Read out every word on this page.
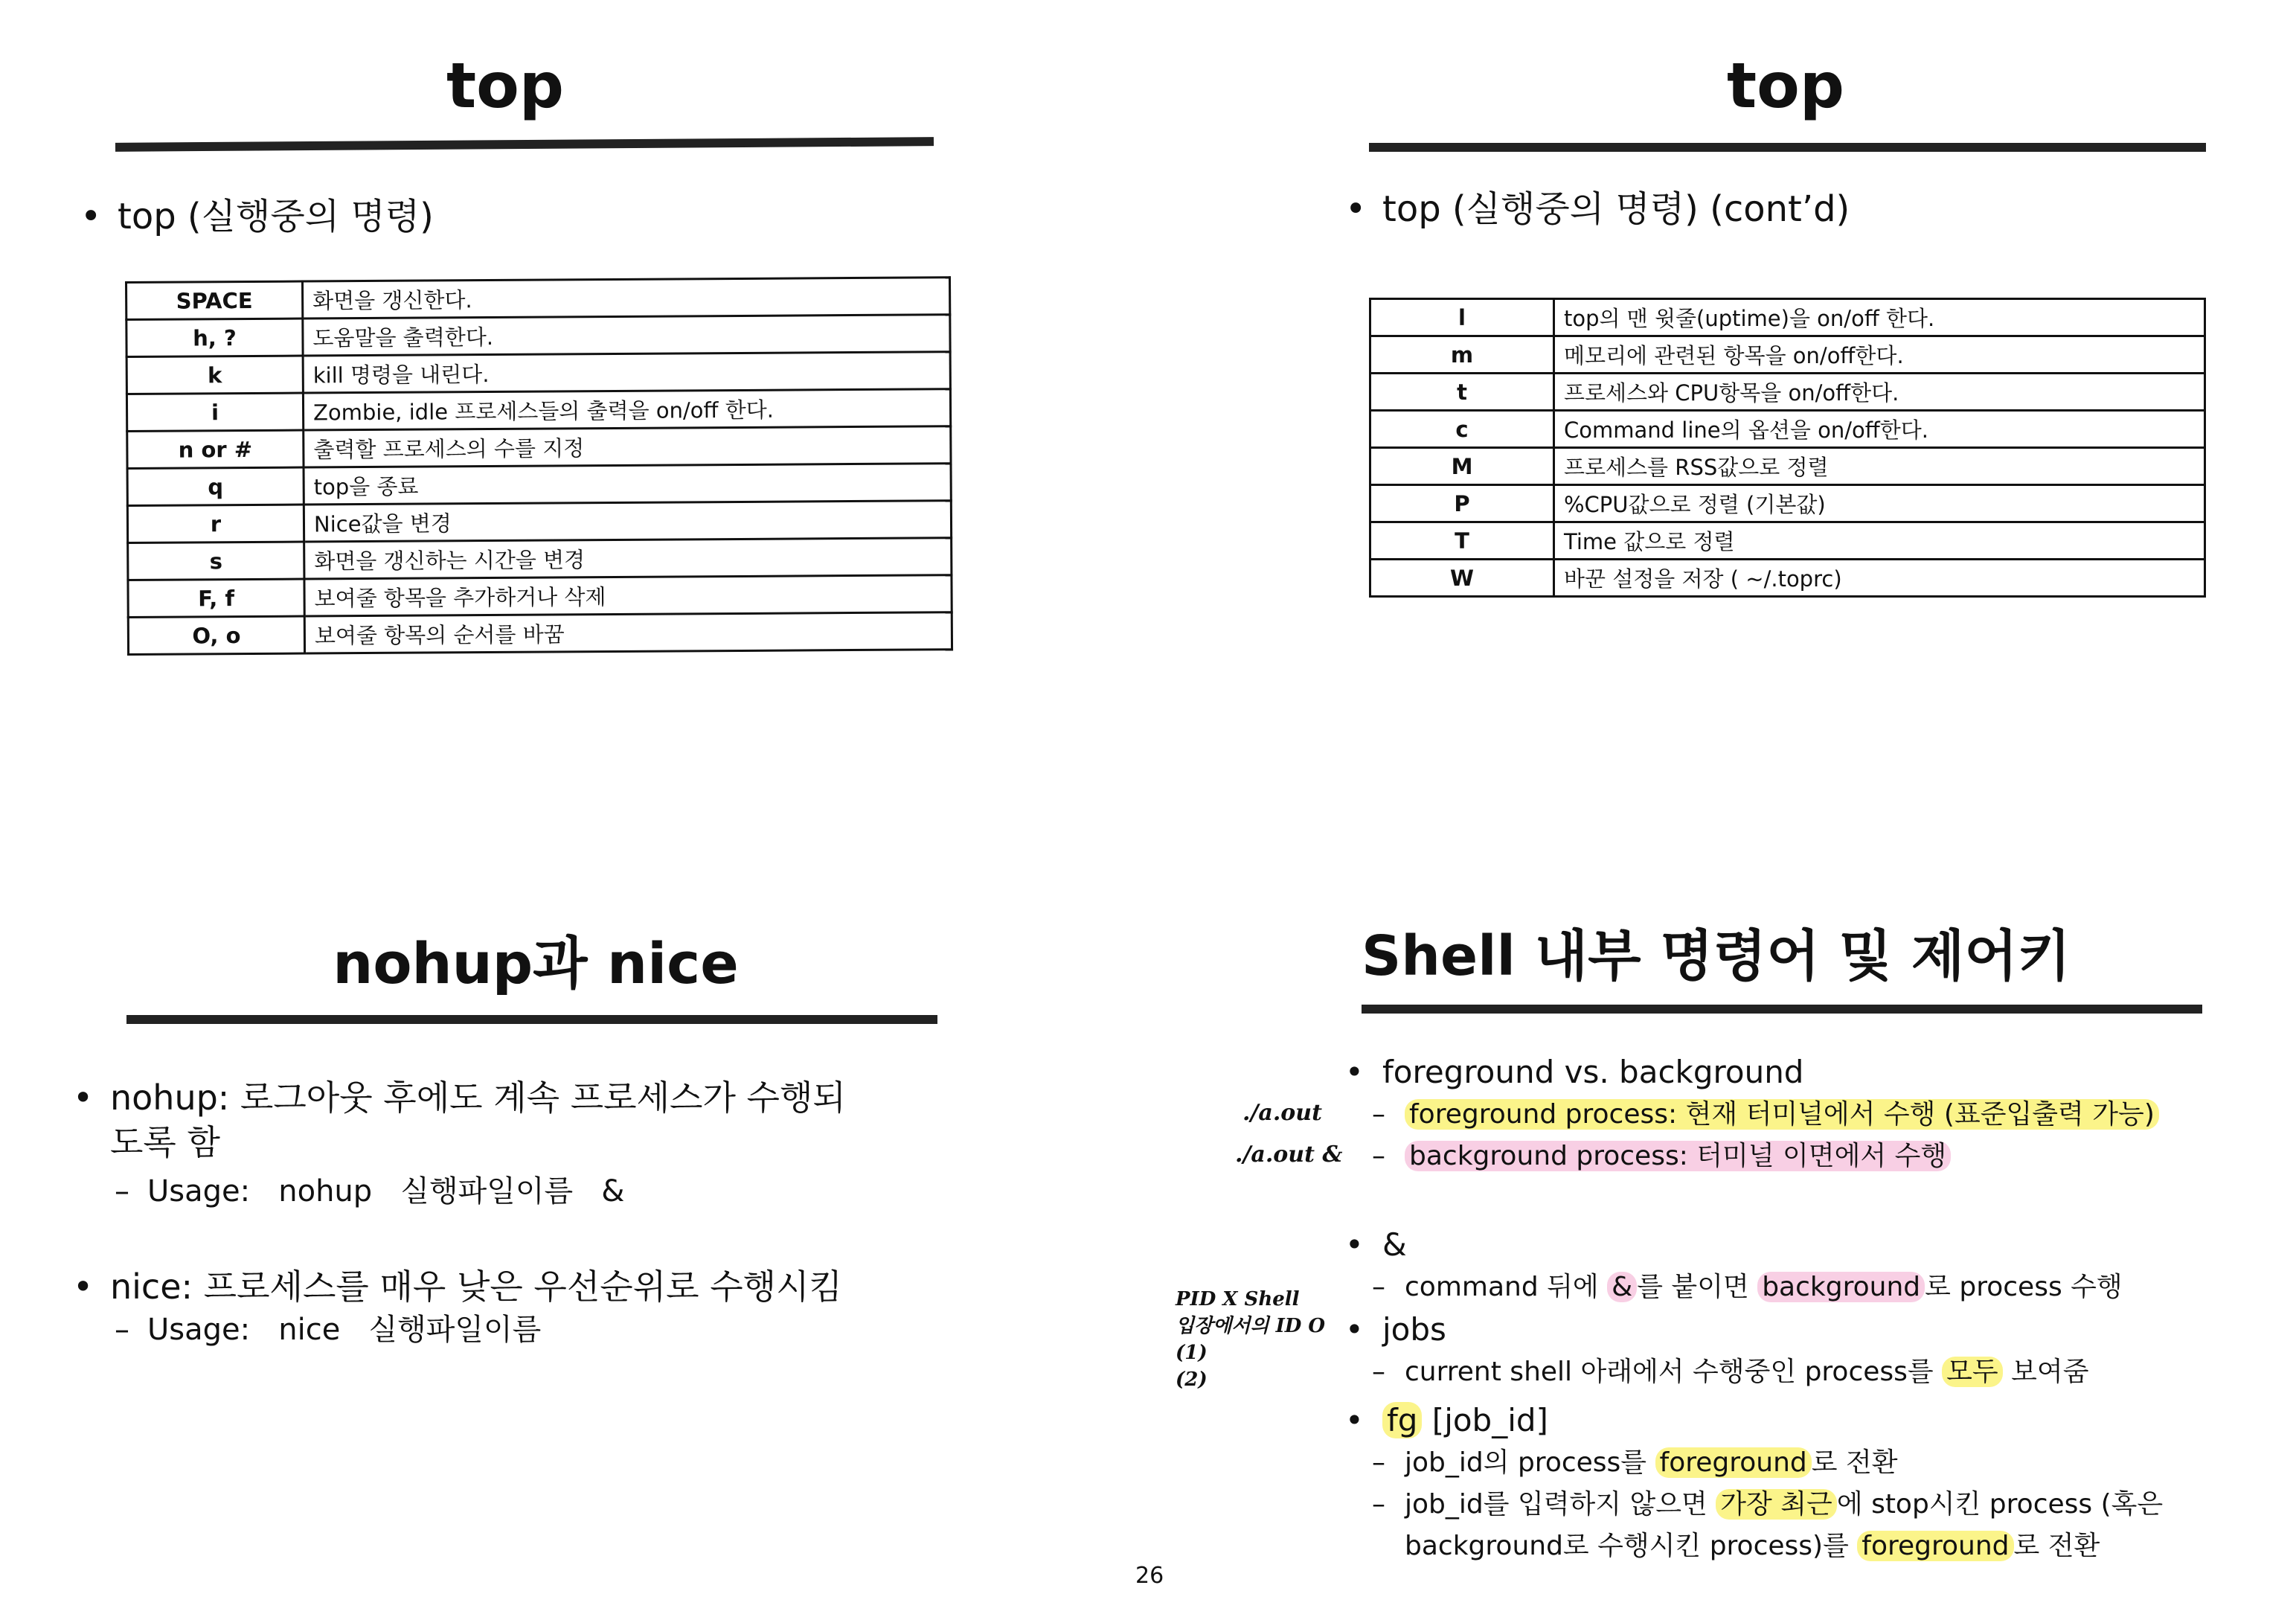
top
• top (실행중의 명령)
SPACE	화면을 갱신한다.
h, ?	도움말을 출력한다.
k	kill 명령을 내린다.
i	Zombie, idle 프로세스들의 출력을 on/off 한다.
n or #	출력할 프로세스의 수를 지정
q	top을 종료
r	Nice값을 변경
s	화면을 갱신하는 시간을 변경
F, f	보여줄 항목을 추가하거나 삭제
O, o	보여줄 항목의 순서를 바꿈
top
• top (실행중의 명령) (cont’d)
l	top의 맨 윗줄(uptime)을 on/off 한다.
m	메모리에 관련된 항목을 on/off한다.
t	프로세스와 CPU항목을 on/off한다.
c	Command line의 옵션을 on/off한다.
M	프로세스를 RSS값으로 정렬
P	%CPU값으로 정렬 (기본값)
T	Time 값으로 정렬
W	바꾼 설정을 저장 ( ~/.toprc)
nohup과 nice
• nohup: 로그아웃 후에도 계속 프로세스가 수행되
도록 함
– Usage:   nohup   실행파일이름   &
• nice: 프로세스를 매우 낮은 우선순위로 수행시킴
– Usage:   nice   실행파일이름
Shell 내부 명령어 및 제어키
• foreground vs. background
– foreground process: 현재 터미널에서 수행 (표준입출력 가능)
– background process: 터미널 이면에서 수행
• &
– command 뒤에 & 를 붙이면 background 로 process 수행
• jobs
– current shell 아래에서 수행중인 process를 모두 보여줌
• fg [job_id]
– job_id의 process를 foreground 로 전환
– job_id를 입력하지 않으면 가장 최근 에 stop시킨 process (혹은
background로 수행시킨 process)를 foreground 로 전환
./a.out
./a.out &
PID X Shell
입장에서의 ID O
(1)
(2)
26
